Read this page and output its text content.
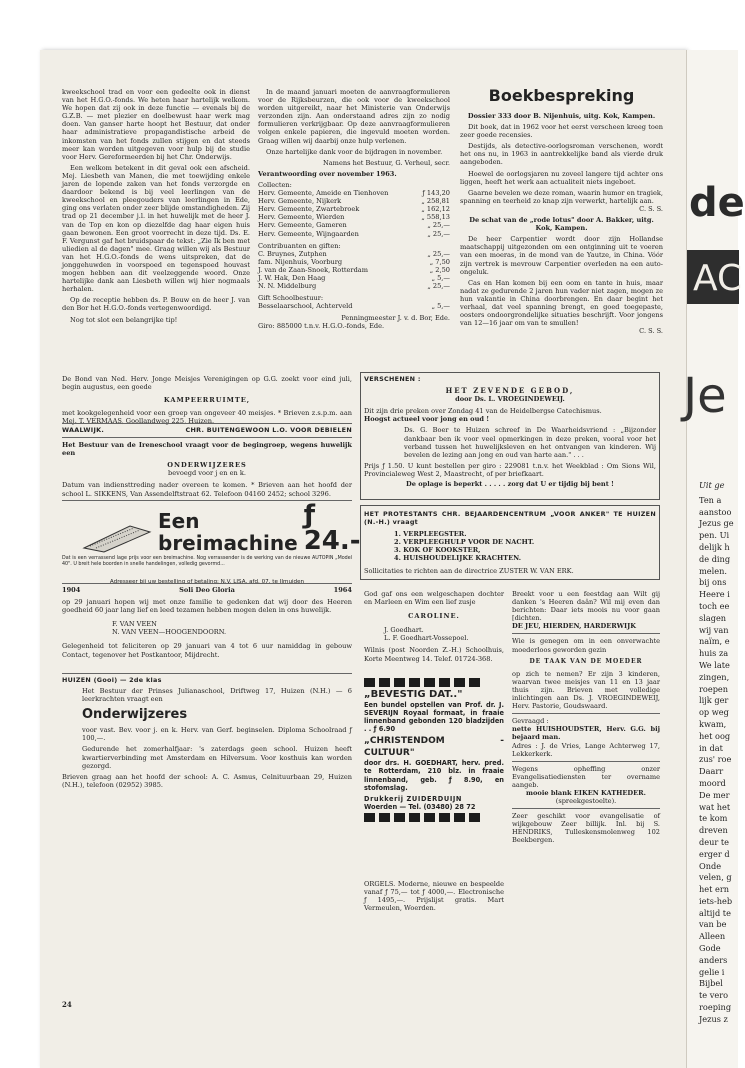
kweekschool trad en voor een gedeelte ook in dienst van het H.G.O.-fonds. We heten haar hartelijk welkom. We hopen dat zij ook in deze functie — evenals bij de G.Z.B. — met plezier en doelbewust haar werk mag doen. Van ganser harte hoopt het Bestuur, dat onder haar administratieve propagandistische arbeid de inkomsten van het fonds zullen stijgen en dat steeds meer kan worden uitgegeven voor hulp bij de studie voor Herv. Gereformeerden bij het Chr. Onderwijs.
Een welkom betekent in dit geval ook een afscheid. Mej. Liesbeth van Manen, die met toewijding enkele jaren de lopende zaken van het fonds verzorgde en daardoor bekend is bij veel leerlingen van de kweekschool en pleegouders van leerlingen in Ede, ging ons verlaten onder zeer blijde omstandigheden. Zij trad op 21 december j.l. in het huwelijk met de heer J. van de Top en kon op diezelfde dag haar eigen huis gaan bewonen. Een groot voorrecht in deze tijd. Ds. E. F. Vergunst gaf het bruidspaar de tekst: „Zie Ik ben met uliedien al de dagen" mee. Graag willen wij als Bestuur van het H.G.O.-fonds de wens uitspreken, dat de jonggehuwden in voorspoed en tegenspoed houvast mogen hebben aan dit veelzeggende woord. Onze hartelijke dank aan Liesbeth willen wij hier nogmaals herhalen.
Op de receptie hebben ds. P. Bouw en de heer J. van den Bor het H.G.O.-fonds vertegenwoordigd.
Nog tot slot een belangrijke tip!
In de maand januari moeten de aanvraagformulieren voor de Rijksbeurzen, die ook voor de kweekschool worden uitgereikt, naar het Ministerie van Onderwijs verzonden zijn. Aan onderstaand adres zijn zo nodig formulieren verkrijgbaar. Op deze aanvraagformulieren volgen enkele papieren, die ingevuld moeten worden. Graag willen wij daarbij onze hulp verlenen.
Onze hartelijke dank voor de bijdragen in november.
Namens het Bestuur, G. Verheul, secr.
Verantwoording over november 1963.
Collecten:
Herv. Gemeente, Ameide en Tienhoven	ƒ 143,20
Herv. Gemeente, Nijkerk	„ 258,81
Herv. Gemeente, Zwartebroek	„ 162,12
Herv. Gemeente, Wierden	„ 558,13
Herv. Gemeente, Gameren	„ 25,—
Herv. Gemeente, Wijngaarden	„ 25,—
Contribuanten en giften:
C. Bruynes, Zutphen	„ 25,—
fam. Nijenhuis, Voorburg	„ 7,50
J. van de Zaan-Snoek, Rotterdam	„ 2,50
J. W. Hak, Den Haag	„ 5,—
N. N. Middelburg	„ 25,—
Gift Schoolbestuur:
Besselaarschool, Achterveld	„ 5,—
Penningmeester J. v. d. Bor, Ede.
Giro: 885000 t.n.v. H.G.O.-fonds, Ede.
Boekbespreking
Dossier 333 door B. Nijenhuis, uitg. Kok, Kampen.
Dit boek, dat in 1962 voor het eerst verscheen kreeg toen zeer goede recensies.
Destijds, als detective-oorlogsroman verschenen, wordt het ons nu, in 1963 in aantrekkelijke band als vierde druk aangeboden.
Hoewel de oorlogsjaren nu zoveel langere tijd achter ons liggen, heeft het werk aan actualiteit niets ingeboet.
Gaarne bevelen we deze roman, waarin humor en tragiek, spanning en teerheid zo knap zijn verwerkt, hartelijk aan.
C. S. S.
De schat van de „rode lotus" door A. Bakker, uitg. Kok, Kampen.
De heer Carpentier wordt door zijn Hollandse maatschappij uitgezonden om een ontginning uit te voeren van een moeras, in de mond van de Yautze, in China. Vóór zijn vertrek is mevrouw Carpentier overleden na een auto-ongeluk.
Cas en Han komen bij een oom en tante in huis, maar nadat ze gedurende 2 jaren hun vader niet zagen, mogen ze hun vakantie in China doorbrengen. En daar begint het verhaal, dat veel spanning brengt, en goed toegepaste, oosters ondoorgrondelijke situaties beschrijft. Voor jongens van 12—16 jaar om van te smullen!
C. S. S.
De Bond van Ned. Herv. Jonge Meisjes Verenigingen op G.G. zoekt voor eind juli, begin augustus, een goede
KAMPEERRUIMTE,
met kookgelegenheid voor een groep van ongeveer 40 meisjes. * Brieven z.s.p.m. aan Mej. T. VERMAAS, Goollandweg 225, Huizen.
WAALWIJK.	CHR. BUITENGEWOON L.O. VOOR DEBIELEN
Het Bestuur van de Ireneschool vraagt voor de begingroep, wegens huwelijk een
ONDERWIJZERES
bevoegd voor j en en k.
Datum van indiensttreding nader overeen te komen. * Brieven aan het hoofd der school L. SIKKENS, Van Assendelftstraat 62. Telefoon 04160 2452; school 3296.
Een breimachine
ƒ 24.-
Dat is een verrassend lage prijs voor een breimachine. Nog verrassender is de werking van de nieuwe AUTOPIN „Model 40". U breit hele boorden in snelle handelingen, volledig gevormd...
Adresseer bij uw bestelling of betaling: N.V. LISA, afd. 07, te IJmuiden
1904	Soli Deo Gloria	1964
op 29 januari hopen wij met onze familie te gedenken dat wij door des Heeren goedheid 60 jaar lang lief en leed tezamen hebben mogen delen in ons huwelijk.
F. VAN VEEN
N. VAN VEEN—HOOGENDOORN.
Gelegenheid tot feliciteren op 29 januari van 4 tot 6 uur namiddag in gebouw Contact, tegenover het Postkantoor, Mijdrecht.
HUIZEN (Gooi) — 2de klas
Het Bestuur der Prinses Julianaschool, Driftweg 17, Huizen (N.H.) — 6 leerkrachten vraagt een
Onderwijzeres
voor vast. Bev. voor j. en k. Herv. van Gerf. beginselen. Diploma Schoolraad ƒ 100,—.
Gedurende het zomerhalfjaar: 's zaterdags geen school. Huizen heeft kwartierverbinding met Amsterdam en Hilversum. Voor kosthuis kan worden gezorgd.
Brieven graag aan het hoofd der school: A. C. Asmus, Celnituurbaan 29, Huizen (N.H.), telefoon (02952) 3985.
24
VERSCHENEN :
HET ZEVENDE GEBOD,
door Ds. L. VROEGINDEWEIJ.
Dit zijn drie preken over Zondag 41 van de Heidelbergse Catechismus.
Hoogst actueel voor jong en oud !
Ds. G. Boer te Huizen schreef in De Waarheidsvriend : „Bijzonder dankbaar ben ik voor veel opmerkingen in deze preken, vooral voor het verband tussen het huwelijksleven en het ontvangen van kinderen. Wij bevelen de lezing aan jong en oud van harte aan." . . .
Prijs ƒ 1.50. U kunt bestellen per giro : 229081 t.n.v. het Weekblad : Om Sions Wil, Provincialeweg West 2, Maastrecht, of per briefkaart.
De oplage is beperkt . . . . . zorg dat U er tijdig bij bent !
HET PROTESTANTS CHR. BEJAARDENCENTRUM „VOOR ANKER" TE HUIZEN (N.-H.) vraagt
1. VERPLEEGSTER.
2. VERPLEEGHULP VOOR DE NACHT.
3. KOK OF KOOKSTER,
4. HUISHOUDELIJKE KRACHTEN.
Sollicitaties te richten aan de directrice ZUSTER W. VAN ERK.
God gaf ons een welgeschapen dochter en Marleen en Wim een lief zusje
CAROLINE.
J. Goedhart.
L. F. Goedhart-Vossepoel.
Wilnis (post Noorden Z.-H.) Schoolhuis, Korte Meentweg 14. Telef. 01724-368.
„BEVESTIG DAT.."
Een bundel opstellen van Prof. dr. J. SEVERIJN Royaal formaat, in fraaie linnenband gebonden 120 bladzijden . . ƒ 6.90
„CHRISTENDOM - CULTUUR"
door drs. H. GOEDHART, herv. pred. te Rotterdam, 210 blz. in fraaie linnenband, geb. ƒ 8.90, en stofomslag.
Drukkerij ZUIDERDUIJN
Woerden — Tel. (03480) 28 72
ORGELS. Moderne, nieuwe en bespeelde vanaf ƒ 75,— tot ƒ 4000,—. Electronische ƒ 1495,—. Prijslijst gratis. Mart Vermeulen, Woerden.
Breekt voor u een feestdag aan Wilt gij danken 's Heeren daân? Wil mij even dan berichten: Daar iets moois nu voor gaan [dichten.
DE JEU, HIERDEN, HARDERWIJK
Wie is genegen om in een onverwachte moederloos geworden gezin
DE TAAK VAN DE MOEDER
op zich te nemen? Er zijn 3 kinderen, waarvan twee meisjes van 11 en 13 jaar thuis zijn. Brieven met volledige inlichtingen aan Ds. J. VROEGINDEWEIJ, Herv. Pastorie, Goudswaard.
Gevraagd :
nette HUISHOUDSTER, Herv. G.G. bij bejaard man.
Adres : J. de Vries, Lange Achterweg 17, Lekkerkerk.
Wegens opheffing onzer Evangelisatiediensten ter overname aangeb.
mooie blank EIKEN KATHEDER.
(spreekgestoelte).
Zeer geschikt voor evangelisatie of wijkgebouw Zeer billijk. Inl. bij S. HENDRIKS, Tulleskensmolenweg 102 Beekbergen.
de
AC
Je
Uit ge
Ten a
aanstoo
Jezus ge
pen. Ui
delijk h
de ding
melen.
bij ons
Heere i
toch ee
slagen
wij van
naïm, e
huis za
We late
zingen,
roepen
lijk ger
op weg
kwam,
het oog
in dat
zus' roe
Daarr
moord
De mer
wat het
te kom
dreven
deur te
erger d
Onde
velen, g
het ern
iets-heb
altijd te
van be
Alleen
Gode
anders
gelie i
Bijbel
te vero
roeping
Jezus z
